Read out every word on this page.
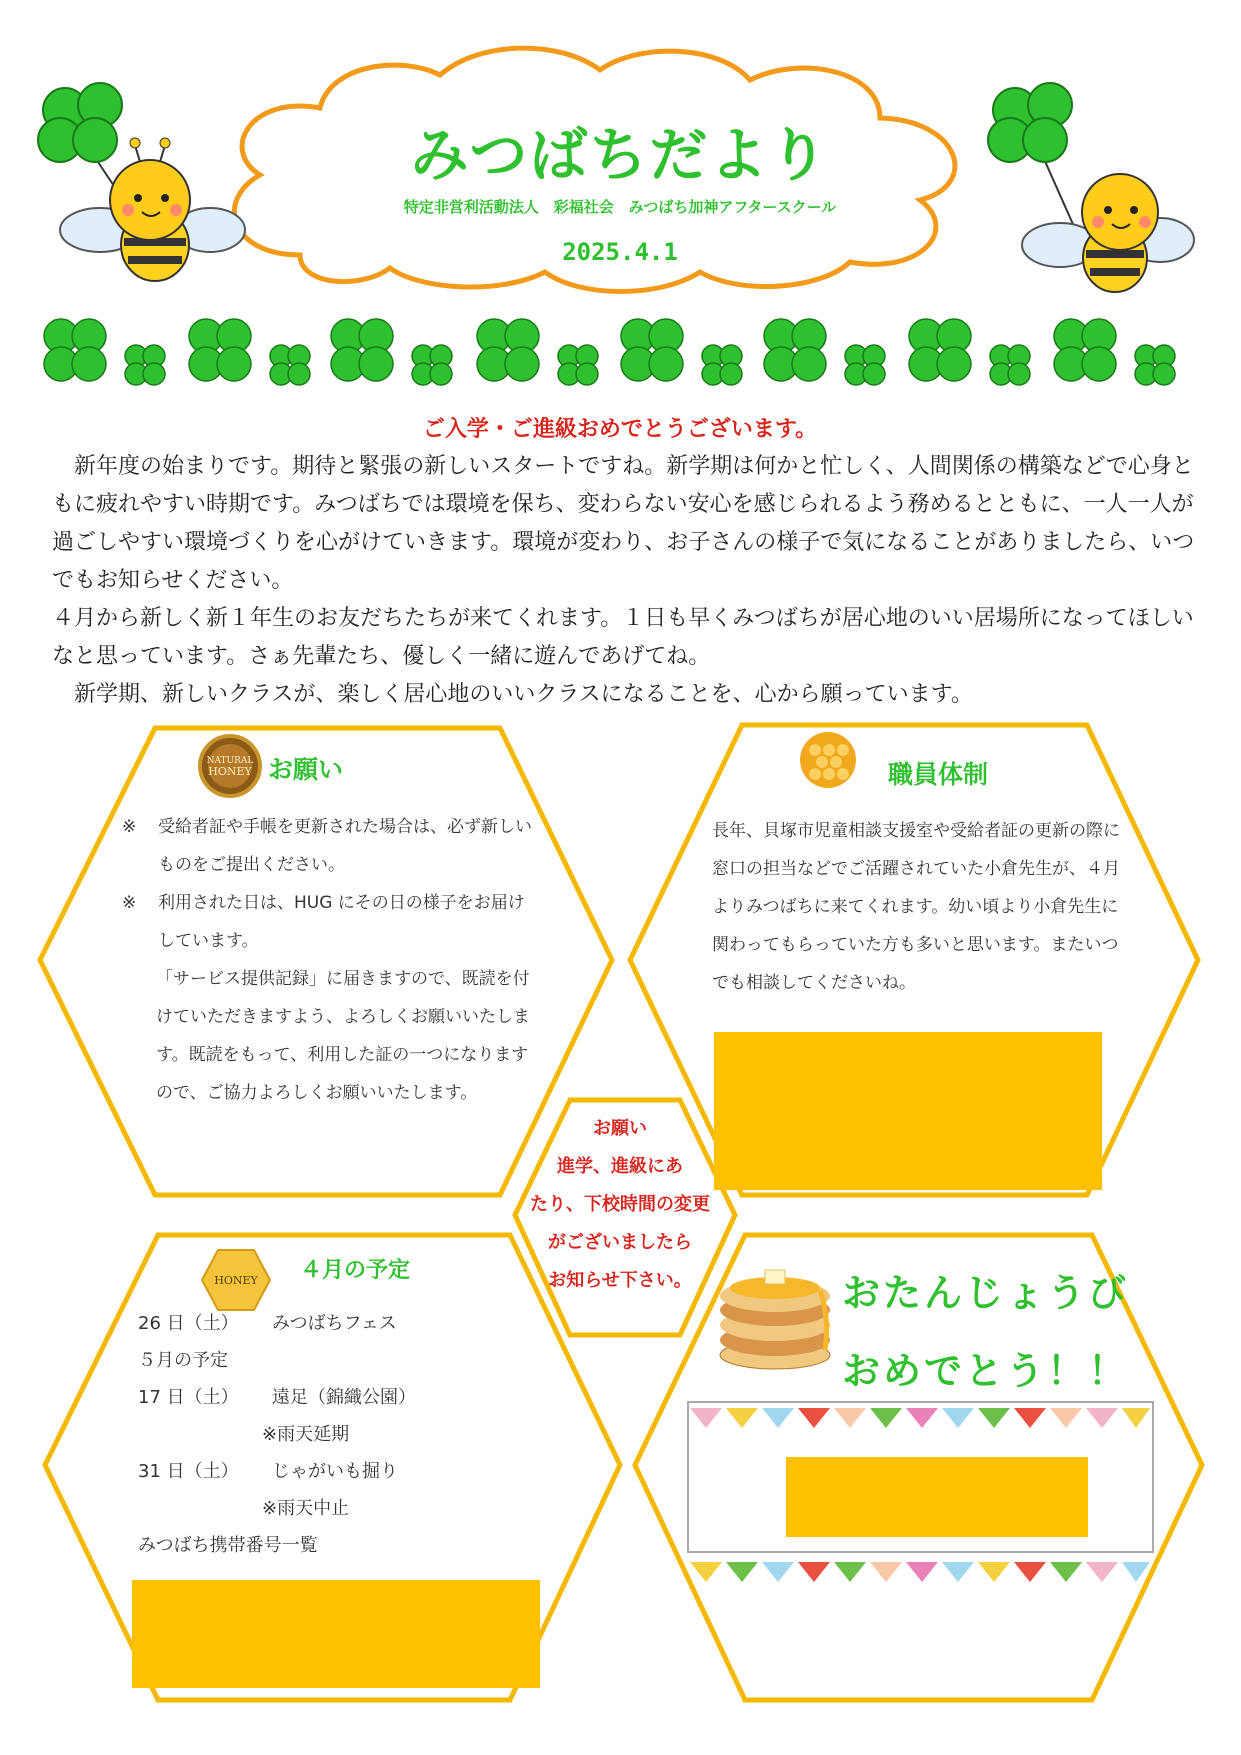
NATURAL
HONEY
HONEY
みつばちだより
特定非営利活動法人　彩福社会　みつばち加神アフタースクール
2025.4.1
ご入学・ご進級おめでとうございます。

　新年度の始まりです。期待と緊張の新しいスタートですね。新学期は何かと忙しく、人間関係の構築などで心身ともに疲れやすい時期です。みつばちでは環境を保ち、変わらない安心を感じられるよう務めるとともに、一人一人が過ごしやすい環境づくりを心がけていきます。環境が変わり、お子さんの様子で気になることがありましたら、いつでもお知らせください。

４月から新しく新１年生のお友だちたちが来てくれます。１日も早くみつばちが居心地のいい居場所になってほしいなと思っています。さぁ先輩たち、優しく一緒に遊んであげてね。

　新学期、新しいクラスが、楽しく居心地のいいクラスになることを、心から願っています。

お願い
※	受給者証や手帳を更新された場合は、必ず新しいものをご提出ください。
※	利用された日は、HUG にその日の様子をお届けしています。
「サービス提供記録」に届きますので、既読を付けていただきますよう、よろしくお願いいたします。既読をもって、利用した証の一つになりますので、ご協力よろしくお願いいたします。
職員体制
長年、貝塚市児童相談支援室や受給者証の更新の際に窓口の担当などでご活躍されていた小倉先生が、４月よりみつばちに来てくれます。幼い頃より小倉先生に関わってもらっていた方も多いと思います。またいつでも相談してくださいね。
お願い
進学、進級にあ
たり、下校時間の変更
がございましたら
お知らせ下さい。
４月の予定
26 日（土）	みつばちフェス
５月の予定
17 日（土）	遠足（錦織公園）
※雨天延期
31 日（土）	じゃがいも掘り
※雨天中止
みつばち携帯番号一覧
おたんじょうび
おめでとう！！
